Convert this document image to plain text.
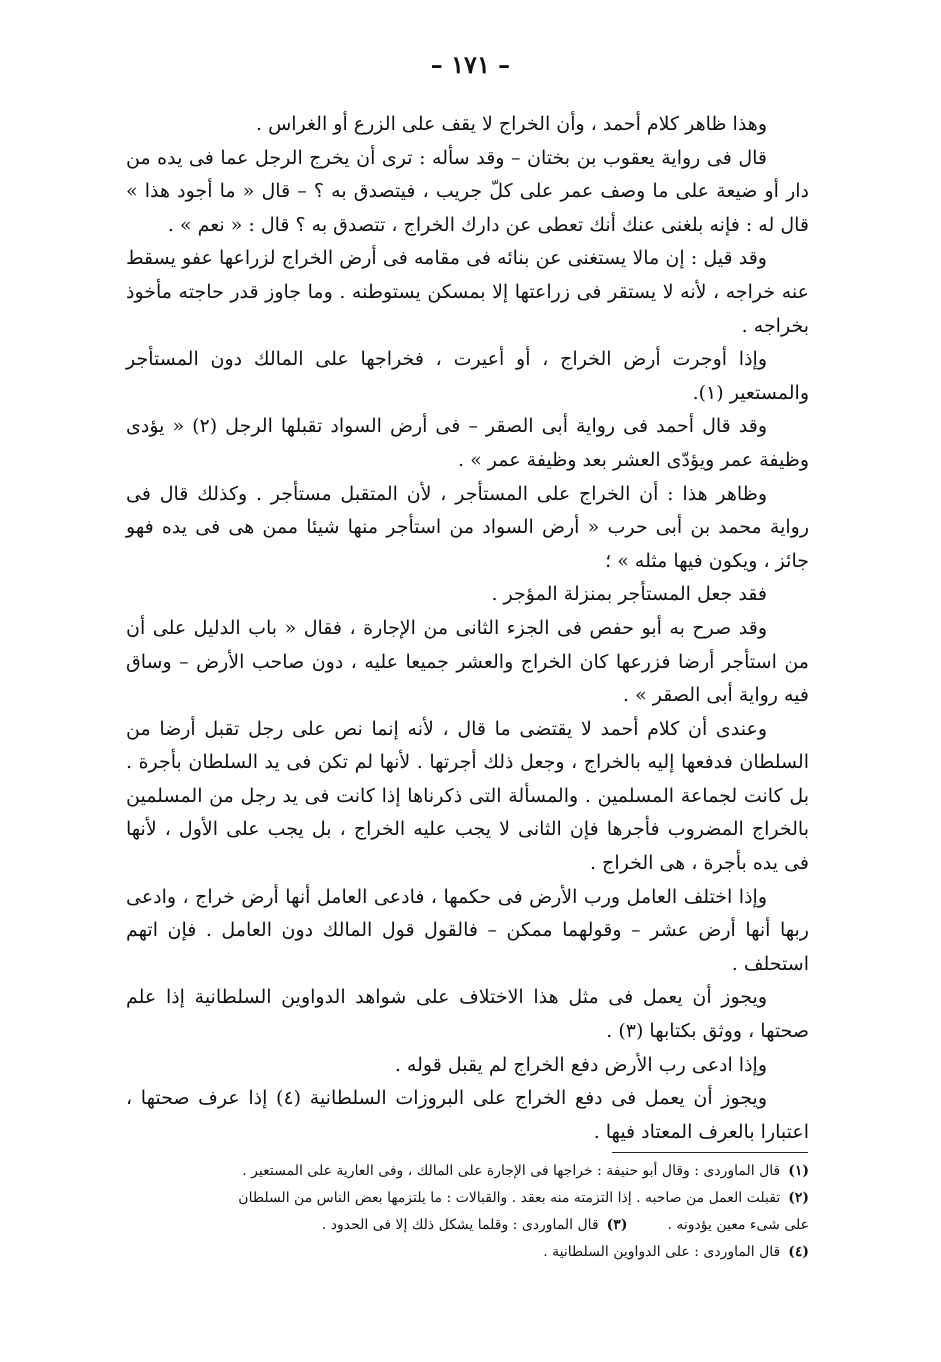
– ١٧١ –

وهذا ظاهر كلام أحمد ، وأن الخراج لا يقف على الزرع أو الغراس .

قال فى رواية يعقوب بن بختان – وقد سأله : ترى أن يخرج الرجل عما فى يده من دار أو ضيعة على ما وصف عمر على كلّ جريب ، فيتصدق به ؟ – قال « ما أجود هذا » قال له : فإنه بلغنى عنك أنك تعطى عن دارك الخراج ، تتصدق به ؟ قال : « نعم » .

وقد قيل : إن مالا يستغنى عن بنائه فى مقامه فى أرض الخراج لزراعها عفو يسقط عنه خراجه ، لأنه لا يستقر فى زراعتها إلا بمسكن يستوطنه . وما جاوز قدر حاجته مأخوذ بخراجه .

وإذا أوجرت أرض الخراج ، أو أعيرت ، فخراجها على المالك دون المستأجر والمستعير (١).

وقد قال أحمد فى رواية أبى الصقر – فى أرض السواد تقبلها الرجل (٢) « يؤدى وظيفة عمر ويؤدّى العشر بعد وظيفة عمر » .

وظاهر هذا : أن الخراج على المستأجر ، لأن المتقبل مستأجر . وكذلك قال فى رواية محمد بن أبى حرب « أرض السواد من استأجر منها شيئا ممن هى فى يده فهو جائز ، ويكون فيها مثله » ؛

فقد جعل المستأجر بمنزلة المؤجر .

وقد صرح به أبو حفص فى الجزء الثانى من الإجارة ، فقال « باب الدليل على أن من استأجر أرضا فزرعها كان الخراج والعشر جميعا عليه ، دون صاحب الأرض – وساق فيه رواية أبى الصقر » .

وعندى أن كلام أحمد لا يقتضى ما قال ، لأنه إنما نص على رجل تقبل أرضا من السلطان فدفعها إليه بالخراج ، وجعل ذلك أجرتها . لأنها لم تكن فى يد السلطان بأجرة . بل كانت لجماعة المسلمين . والمسألة التى ذكرناها إذا كانت فى يد رجل من المسلمين بالخراج المضروب فأجرها فإن الثانى لا يجب عليه الخراج ، بل يجب على الأول ، لأنها فى يده بأجرة ، هى الخراج .

وإذا اختلف العامل ورب الأرض فى حكمها ، فادعى العامل أنها أرض خراج ، وادعى ربها أنها أرض عشر – وقولهما ممكن – فالقول قول المالك دون العامل . فإن اتهم استحلف .

ويجوز أن يعمل فى مثل هذا الاختلاف على شواهد الدواوين السلطانية إذا علم صحتها ، ووثق بكتابها (٣) .

وإذا ادعى رب الأرض دفع الخراج لم يقبل قوله .

ويجوز أن يعمل فى دفع الخراج على البروزات السلطانية (٤) إذا عرف صحتها ، اعتبارا بالعرف المعتاد فيها .

(١)قال الماوردى : وقال أبو حنيفة : خراجها فى الإجارة على المالك ، وفى العارية على المستعير .

(٢)تقبلت العمل من صاحبه . إذا التزمته منه بعقد . والقبالات : ما يلتزمها بعض الناس من السلطان

على شىء معين يؤدونه .(٣)قال الماوردى : وقلما يشكل ذلك إلا فى الحدود .

(٤)قال الماوردى : على الدواوين السلطانية .
